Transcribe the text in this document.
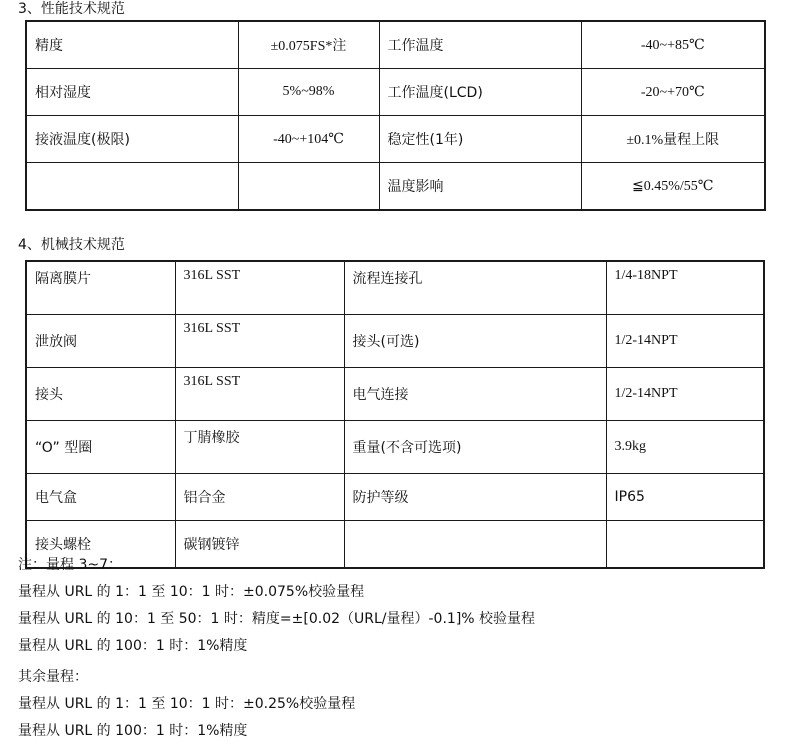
3、性能技术规范
精度	±0.075FS*注	工作温度	-40~+85℃
相对湿度	5%~98%	工作温度(LCD)	-20~+70℃
接液温度(极限)	-40~+104℃	稳定性(1年)	±0.1%量程上限
		温度影响	≦0.45%/55℃
4、机械技术规范
隔离膜片	316L SST	流程连接孔	1/4-18NPT
泄放阀	316L SST	接头(可选)	1/2-14NPT
接头	316L SST	电气连接	1/2-14NPT
“O” 型圈	丁腈橡胶	重量(不含可选项)	3.9kg
电气盒	铝合金	防护等级	IP65
接头螺栓	碳钢镀锌		
注：量程 3~7：
量程从 URL 的 1：1 至 10：1 时：±0.075%校验量程
量程从 URL 的 10：1 至 50：1 时：精度=±[0.02（URL/量程）-0.1]% 校验量程
量程从 URL 的 100：1 时：1%精度
其余量程：
量程从 URL 的 1：1 至 10：1 时：±0.25%校验量程
量程从 URL 的 100：1 时：1%精度
